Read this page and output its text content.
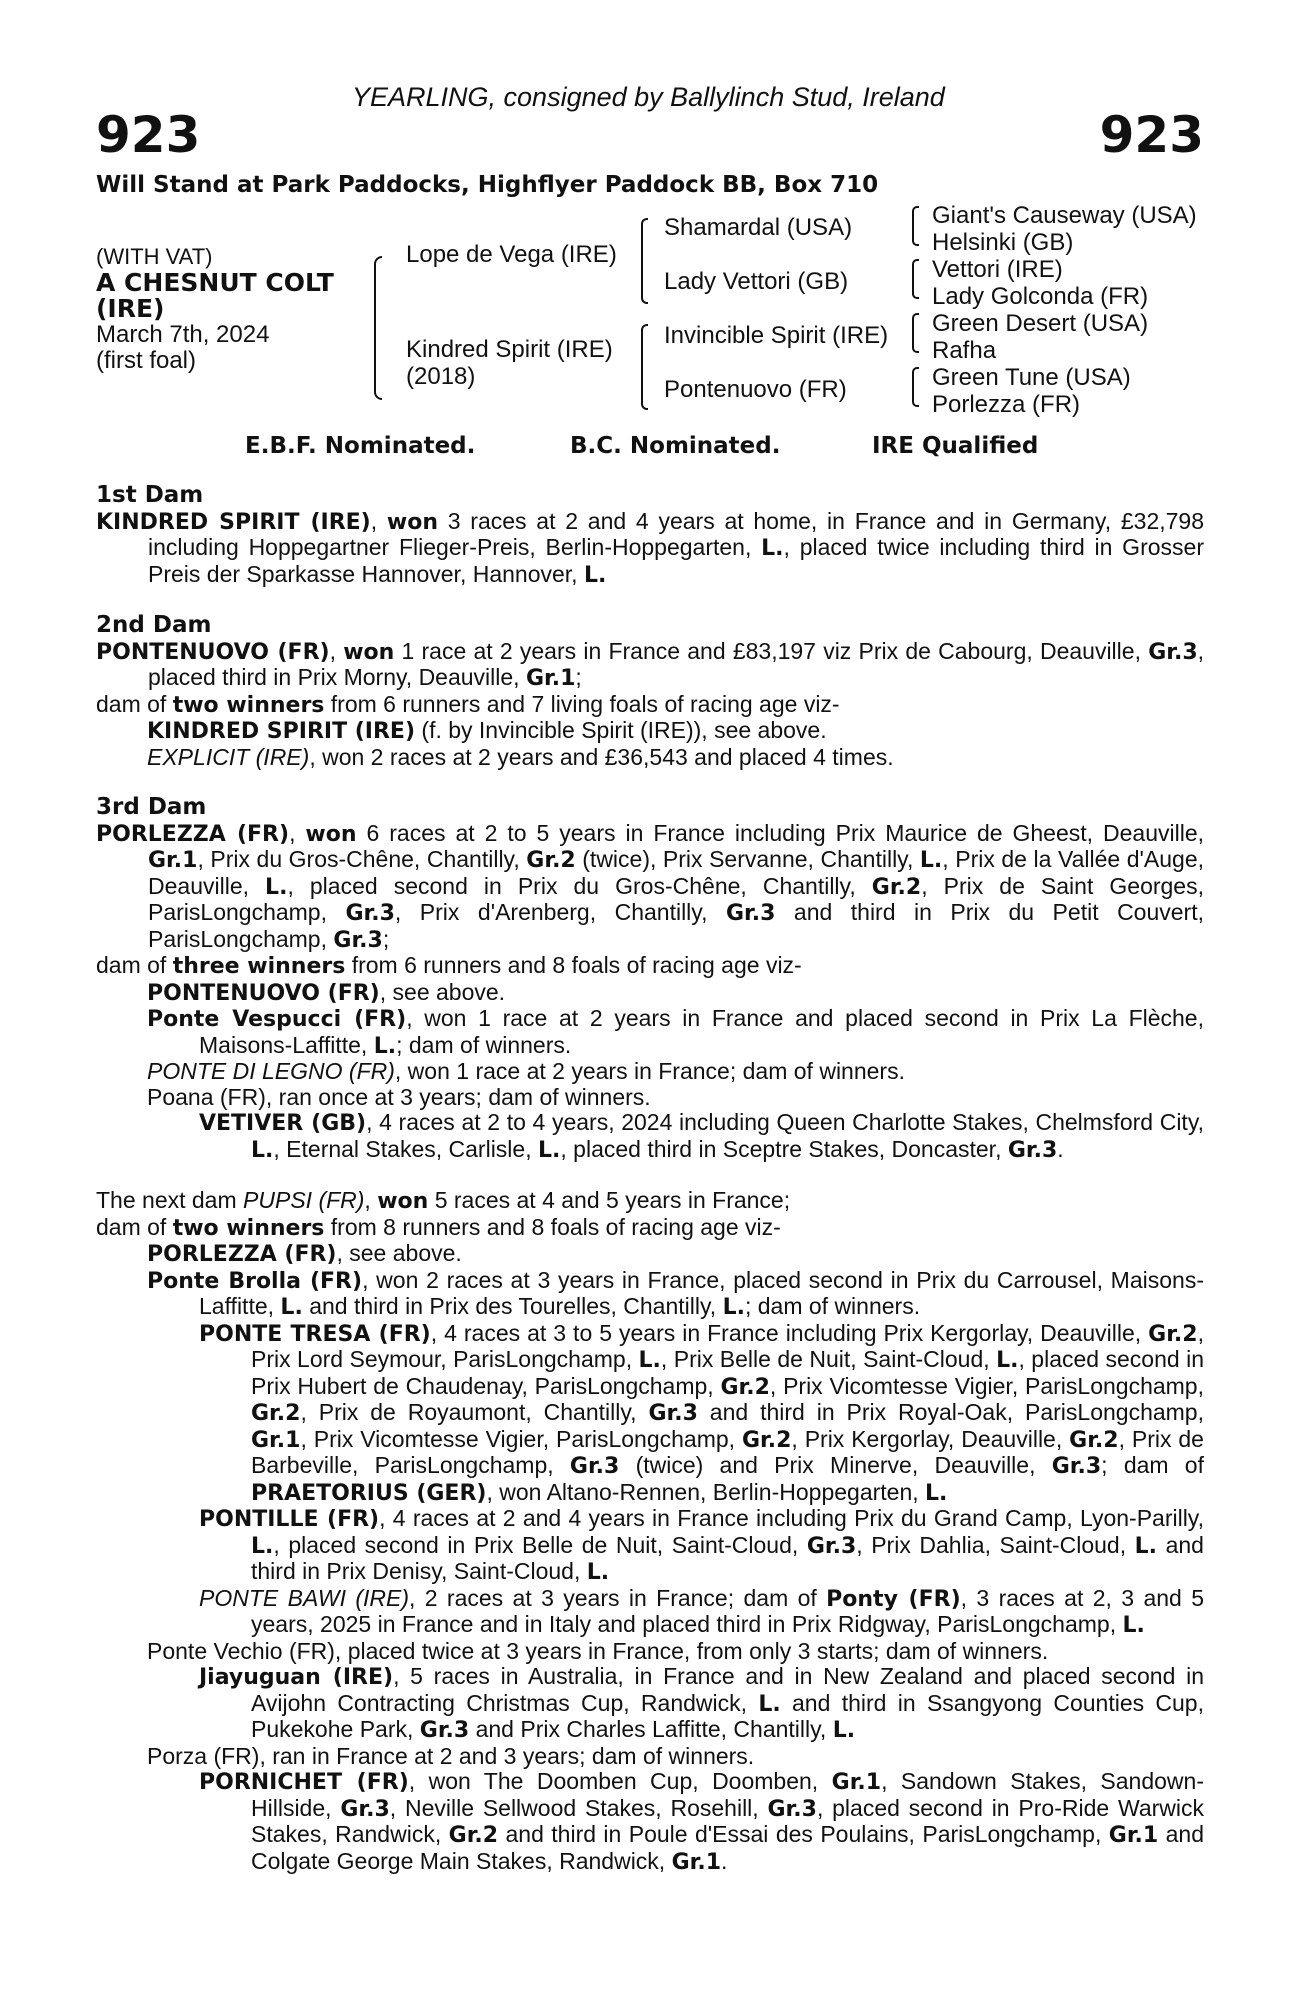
YEARLING, consigned by Ballylinch Stud, Ireland
923	923
Will Stand at Park Paddocks, Highflyer Paddock BB, Box 710
(WITH VAT)
A CHESNUT COLT
(IRE)
March 7th, 2024
(first foal)
Lope de Vega (IRE)
Kindred Spirit (IRE)
(2018)
Shamardal (USA)
Lady Vettori (GB)
Invincible Spirit (IRE)
Pontenuovo (FR)
Giant's Causeway (USA)
Helsinki (GB)
Vettori (IRE)
Lady Golconda (FR)
Green Desert (USA)
Rafha
Green Tune (USA)
Porlezza (FR)
E.B.F. Nominated.	B.C. Nominated.	IRE Qualified

1st Dam

KINDRED SPIRIT (IRE), won 3 races at 2 and 4 years at home, in France and in Germany, £32,798 including Hoppegartner Flieger-Preis, Berlin-Hoppegarten, L., placed twice including third in Grosser Preis der Sparkasse Hannover, Hannover, L.

2nd Dam

PONTENUOVO (FR), won 1 race at 2 years in France and £83,197 viz Prix de Cabourg, Deauville, Gr.3, placed third in Prix Morny, Deauville, Gr.1;

dam of two winners from 6 runners and 7 living foals of racing age viz-

KINDRED SPIRIT (IRE) (f. by Invincible Spirit (IRE)), see above.

EXPLICIT (IRE), won 2 races at 2 years and £36,543 and placed 4 times.

3rd Dam

PORLEZZA (FR), won 6 races at 2 to 5 years in France including Prix Maurice de Gheest, Deauville, Gr.1, Prix du Gros-Chêne, Chantilly, Gr.2 (twice), Prix Servanne, Chantilly, L., Prix de la Vallée d'Auge, Deauville, L., placed second in Prix du Gros-Chêne, Chantilly, Gr.2, Prix de Saint Georges, ParisLongchamp, Gr.3, Prix d'Arenberg, Chantilly, Gr.3 and third in Prix du Petit Couvert, ParisLongchamp, Gr.3;

dam of three winners from 6 runners and 8 foals of racing age viz-

PONTENUOVO (FR), see above.

Ponte Vespucci (FR), won 1 race at 2 years in France and placed second in Prix La Flèche, Maisons-Laffitte, L.; dam of winners.

PONTE DI LEGNO (FR), won 1 race at 2 years in France; dam of winners.

Poana (FR), ran once at 3 years; dam of winners.

VETIVER (GB), 4 races at 2 to 4 years, 2024 including Queen Charlotte Stakes, Chelmsford City, L., Eternal Stakes, Carlisle, L., placed third in Sceptre Stakes, Doncaster, Gr.3.

The next dam PUPSI (FR), won 5 races at 4 and 5 years in France;

dam of two winners from 8 runners and 8 foals of racing age viz-

PORLEZZA (FR), see above.

Ponte Brolla (FR), won 2 races at 3 years in France, placed second in Prix du Carrousel, Maisons-Laffitte, L. and third in Prix des Tourelles, Chantilly, L.; dam of winners.

PONTE TRESA (FR), 4 races at 3 to 5 years in France including Prix Kergorlay, Deauville, Gr.2, Prix Lord Seymour, ParisLongchamp, L., Prix Belle de Nuit, Saint-Cloud, L., placed second in Prix Hubert de Chaudenay, ParisLongchamp, Gr.2, Prix Vicomtesse Vigier, ParisLongchamp, Gr.2, Prix de Royaumont, Chantilly, Gr.3 and third in Prix Royal-Oak, ParisLongchamp, Gr.1, Prix Vicomtesse Vigier, ParisLongchamp, Gr.2, Prix Kergorlay, Deauville, Gr.2, Prix de Barbeville, ParisLongchamp, Gr.3 (twice) and Prix Minerve, Deauville, Gr.3; dam of PRAETORIUS (GER), won Altano-Rennen, Berlin-Hoppegarten, L.

PONTILLE (FR), 4 races at 2 and 4 years in France including Prix du Grand Camp, Lyon-Parilly, L., placed second in Prix Belle de Nuit, Saint-Cloud, Gr.3, Prix Dahlia, Saint-Cloud, L. and third in Prix Denisy, Saint-Cloud, L.

PONTE BAWI (IRE), 2 races at 3 years in France; dam of Ponty (FR), 3 races at 2, 3 and 5 years, 2025 in France and in Italy and placed third in Prix Ridgway, ParisLongchamp, L.

Ponte Vechio (FR), placed twice at 3 years in France, from only 3 starts; dam of winners.

Jiayuguan (IRE), 5 races in Australia, in France and in New Zealand and placed second in Avijohn Contracting Christmas Cup, Randwick, L. and third in Ssangyong Counties Cup, Pukekohe Park, Gr.3 and Prix Charles Laffitte, Chantilly, L.

Porza (FR), ran in France at 2 and 3 years; dam of winners.

PORNICHET (FR), won The Doomben Cup, Doomben, Gr.1, Sandown Stakes, Sandown-Hillside, Gr.3, Neville Sellwood Stakes, Rosehill, Gr.3, placed second in Pro-Ride Warwick Stakes, Randwick, Gr.2 and third in Poule d'Essai des Poulains, ParisLongchamp, Gr.1 and Colgate George Main Stakes, Randwick, Gr.1.
